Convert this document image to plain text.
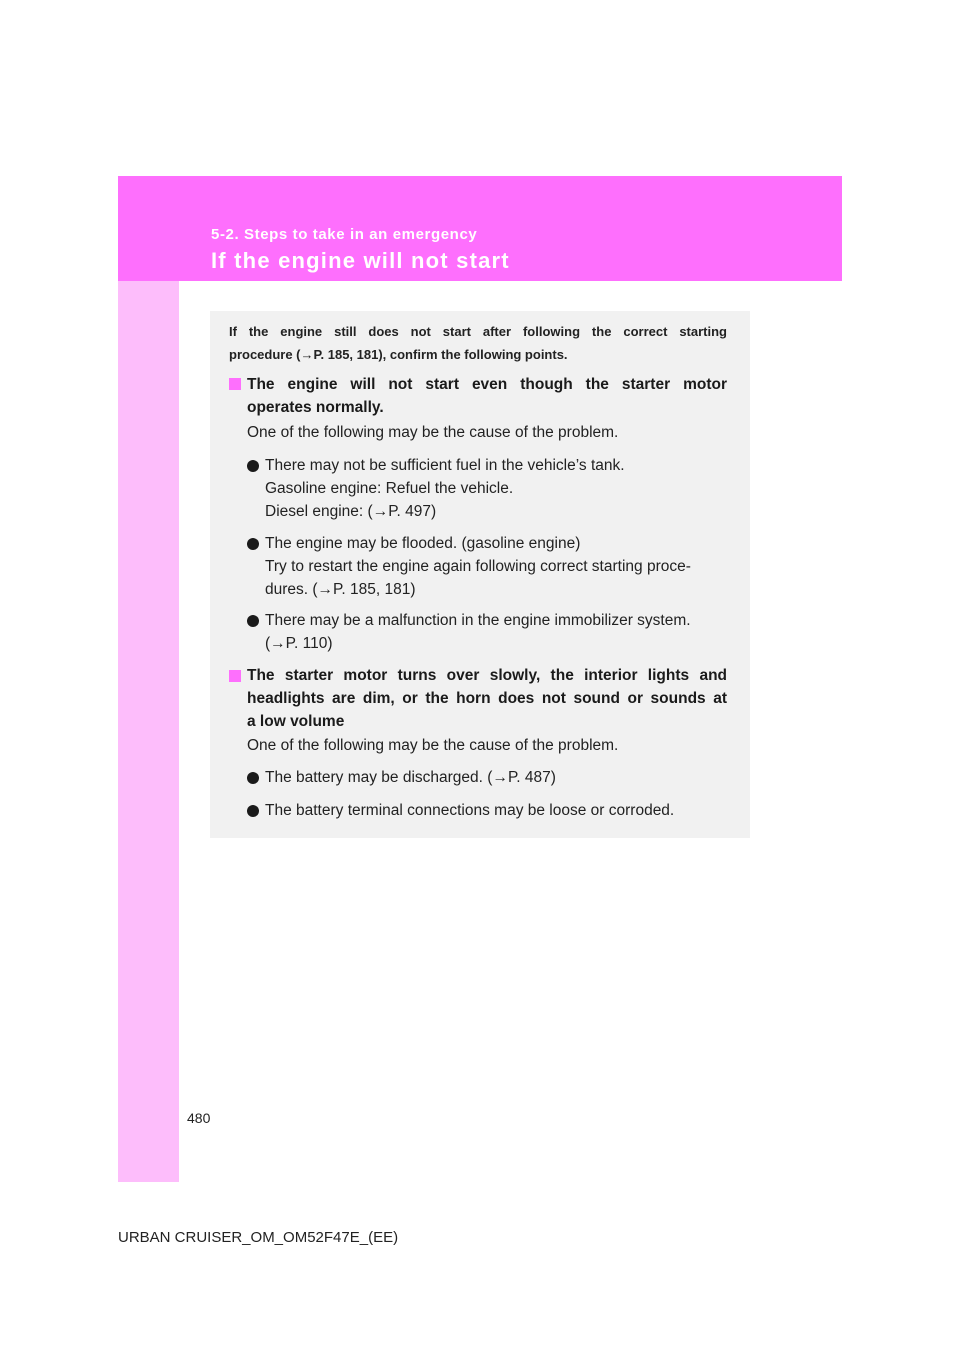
5-2. Steps to take in an emergency
If the engine will not start

If the engine still does not start after following the correct starting

procedure (→P. 185, 181), confirm the following points.

The engine will not start even though the starter motor

operates normally.

One of the following may be the cause of the problem.
There may not be sufficient fuel in the vehicle’s tank.
Gasoline engine: Refuel the vehicle.
Diesel engine: (→P. 497)
The engine may be flooded. (gasoline engine)
Try to restart the engine again following correct starting proce-
dures. (→P. 185, 181)
There may be a malfunction in the engine immobilizer system.
(→P. 110)

The starter motor turns over slowly, the interior lights and

headlights are dim, or the horn does not sound or sounds at

a low volume

One of the following may be the cause of the problem.
The battery may be discharged. (→P. 487)
The battery terminal connections may be loose or corroded.
480
URBAN CRUISER_OM_OM52F47E_(EE)
